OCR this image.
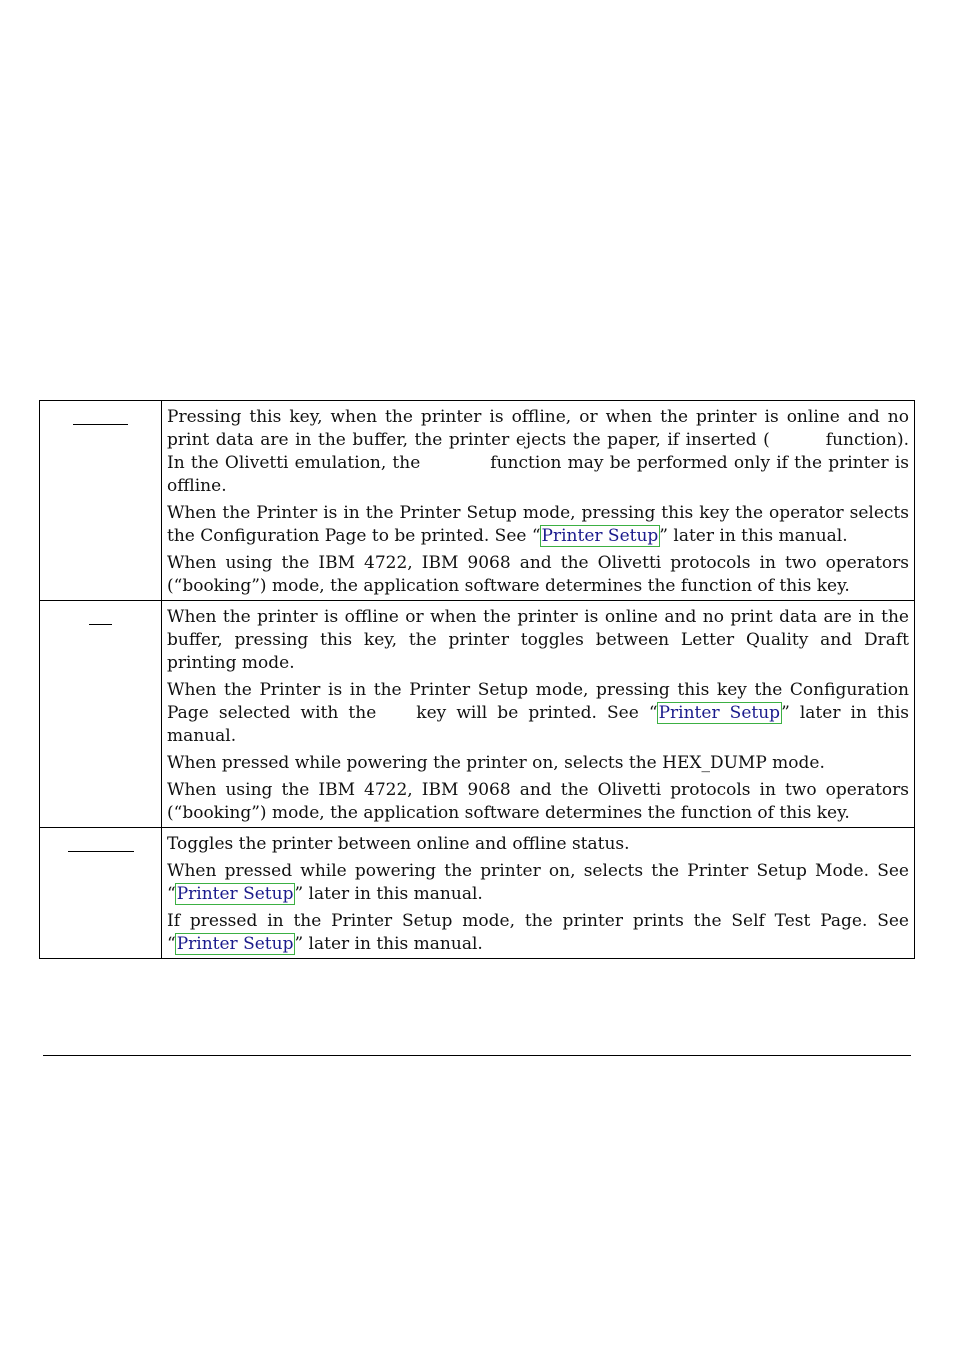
	Pressing this key, when the printer is offline, or when the printer is online and no print data are in the buffer, the printer ejects the paper, if inserted ( function). In the Olivetti emulation, the function may be performed only if the printer is offline.

When the Printer is in the Printer Setup mode, pressing this key the operator selects the Configuration Page to be printed. See “Printer Setup” later in this manual.

When using the IBM 4722, IBM 9068 and the Olivetti protocols in two operators (“booking”) mode, the application software determines the function of this key.

	When the printer is offline or when the printer is online and no print data are in the buffer, pressing this key, the printer toggles between Letter Quality and Draft printing mode.

When the Printer is in the Printer Setup mode, pressing this key the Configuration Page selected with the key will be printed. See “Printer Setup” later in this manual.

When pressed while powering the printer on, selects the HEX_DUMP mode.

When using the IBM 4722, IBM 9068 and the Olivetti protocols in two operators (“booking”) mode, the application software determines the function of this key.

	Toggles the printer between online and offline status.

When pressed while powering the printer on, selects the Printer Setup Mode. See “Printer Setup” later in this manual.

If pressed in the Printer Setup mode, the printer prints the Self Test Page. See “Printer Setup” later in this manual.
